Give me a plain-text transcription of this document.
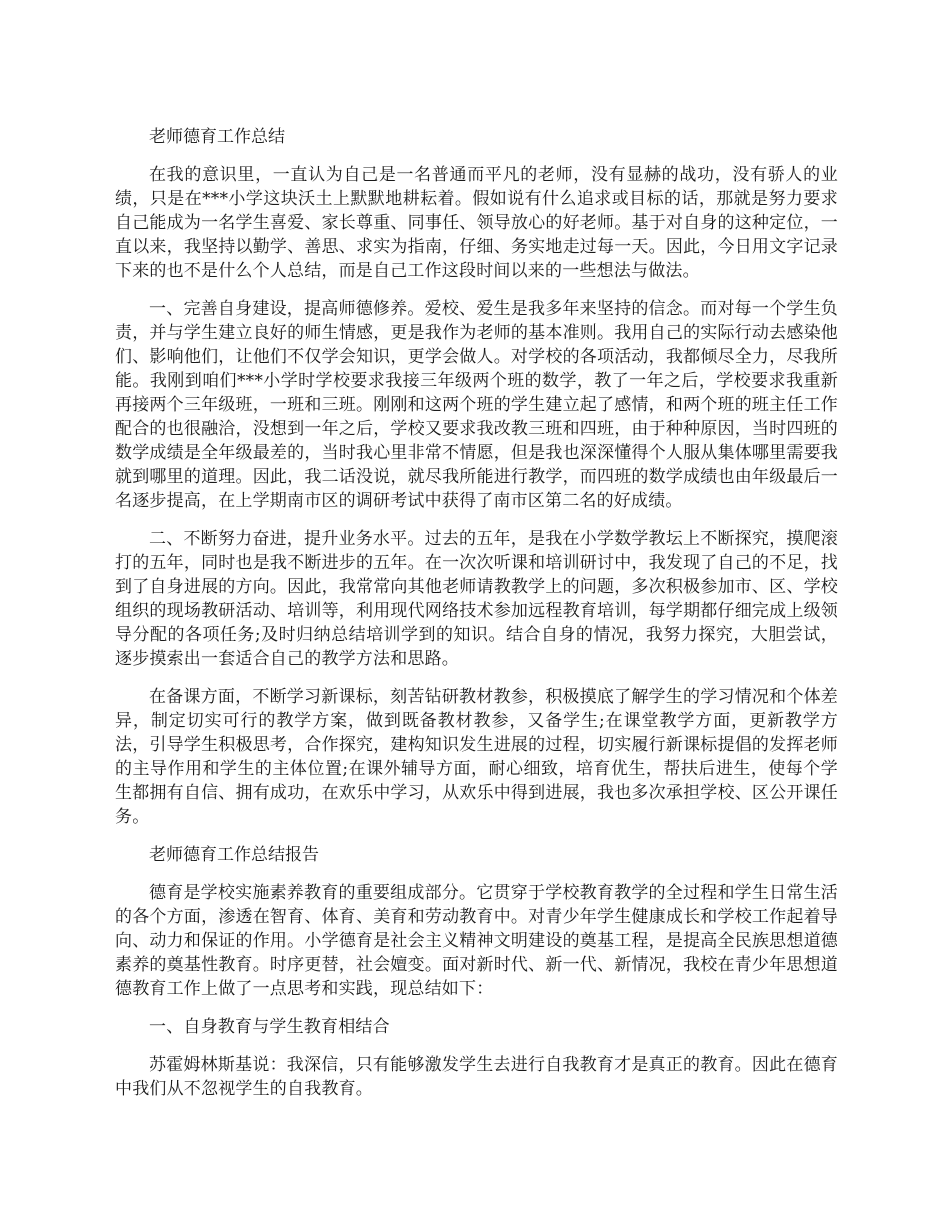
老师德育工作总结

在我的意识里，一直认为自己是一名普通而平凡的老师，没有显赫的战功，没有骄人的业绩，只是在***小学这块沃土上默默地耕耘着。假如说有什么追求或目标的话，那就是努力要求自己能成为一名学生喜爱、家长尊重、同事任、领导放心的好老师。基于对自身的这种定位，一直以来，我坚持以勤学、善思、求实为指南，仔细、务实地走过每一天。因此，今日用文字记录下来的也不是什么个人总结，而是自己工作这段时间以来的一些想法与做法。

一、完善自身建设，提高师德修养。爱校、爱生是我多年来坚持的信念。而对每一个学生负责，并与学生建立良好的师生情感，更是我作为老师的基本准则。我用自己的实际行动去感染他们、影响他们，让他们不仅学会知识，更学会做人。对学校的各项活动，我都倾尽全力，尽我所能。我刚到咱们***小学时学校要求我接三年级两个班的数学，教了一年之后，学校要求我重新再接两个三年级班，一班和三班。刚刚和这两个班的学生建立起了感情，和两个班的班主任工作配合的也很融洽，没想到一年之后，学校又要求我改教三班和四班，由于种种原因，当时四班的数学成绩是全年级最差的，当时我心里非常不情愿，但是我也深深懂得个人服从集体哪里需要我就到哪里的道理。因此，我二话没说，就尽我所能进行教学，而四班的数学成绩也由年级最后一名逐步提高，在上学期南市区的调研考试中获得了南市区第二名的好成绩。

二、不断努力奋进，提升业务水平。过去的五年，是我在小学数学教坛上不断探究，摸爬滚打的五年，同时也是我不断进步的五年。在一次次听课和培训研讨中，我发现了自己的不足，找到了自身进展的方向。因此，我常常向其他老师请教教学上的问题，多次积极参加市、区、学校组织的现场教研活动、培训等，利用现代网络技术参加远程教育培训，每学期都仔细完成上级领导分配的各项任务;及时归纳总结培训学到的知识。结合自身的情况，我努力探究，大胆尝试，逐步摸索出一套适合自己的教学方法和思路。

在备课方面，不断学习新课标，刻苦钻研教材教参，积极摸底了解学生的学习情况和个体差异，制定切实可行的教学方案，做到既备教材教参，又备学生;在课堂教学方面，更新教学方法，引导学生积极思考，合作探究，建构知识发生进展的过程，切实履行新课标提倡的发挥老师的主导作用和学生的主体位置;在课外辅导方面，耐心细致，培育优生，帮扶后进生，使每个学生都拥有自信、拥有成功，在欢乐中学习，从欢乐中得到进展，我也多次承担学校、区公开课任务。

老师德育工作总结报告

德育是学校实施素养教育的重要组成部分。它贯穿于学校教育教学的全过程和学生日常生活的各个方面，渗透在智育、体育、美育和劳动教育中。对青少年学生健康成长和学校工作起着导向、动力和保证的作用。小学德育是社会主义精神文明建设的奠基工程，是提高全民族思想道德素养的奠基性教育。时序更替，社会嬗变。面对新时代、新一代、新情况，我校在青少年思想道德教育工作上做了一点思考和实践，现总结如下：

一、自身教育与学生教育相结合

苏霍姆林斯基说：我深信，只有能够激发学生去进行自我教育才是真正的教育。因此在德育中我们从不忽视学生的自我教育。
